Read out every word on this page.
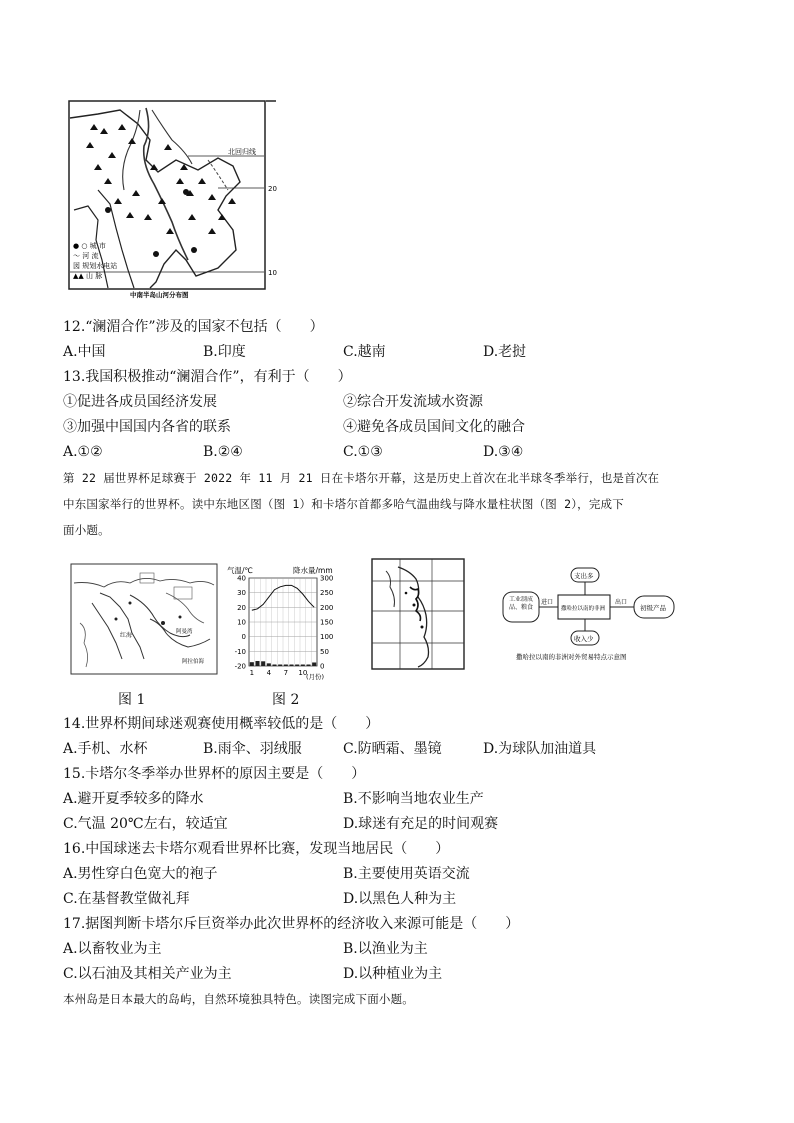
北回归线
20
10
● ○ 城 市
〜 河 流
図 规划水电站
▲▲ 山 脉
中南半岛山河分布图
12.“澜湄合作”涉及的国家不包括（　　）
A.中国	B.印度	C.越南	D.老挝
13.我国积极推动“澜湄合作”，有利于（　　）
①促进各成员国经济发展	②综合开发流域水资源
③加强中国国内各省的联系	④避免各成员国间文化的融合
A.①②	B.②④	C.①③	D.③④
第 22 届世界杯足球赛于 2022 年 11 月 21 日在卡塔尔开幕，这是历史上首次在北半球冬季举行，也是首次在
中东国家举行的世界杯。读中东地区图（图 1）和卡塔尔首都多哈气温曲线与降水量柱状图（图 2），完成下
面小题。
红海	阿曼湾
阿拉伯海
图 1
气温/℃	降水量/mm
(月份)
-20
-10
0
10
20
30
40
0
50
100
150
200
250
300
1 4 7 10
图 2
支出多
撒哈拉以南的非洲
工业制成品、粮食
进口	出口
初级产品
收入少
撒哈拉以南的非洲对外贸易特点示意图
14.世界杯期间球迷观赛使用概率较低的是（　　）
A.手机、水杯	B.雨伞、羽绒服	C.防晒霜、墨镜	D.为球队加油道具
15.卡塔尔冬季举办世界杯的原因主要是（　　）
A.避开夏季较多的降水	B.不影响当地农业生产
C.气温 20℃左右，较适宜	D.球迷有充足的时间观赛
16.中国球迷去卡塔尔观看世界杯比赛，发现当地居民（　　）
A.男性穿白色宽大的袍子	B.主要使用英语交流
C.在基督教堂做礼拜	D.以黑色人种为主
17.据图判断卡塔尔斥巨资举办此次世界杯的经济收入来源可能是（　　）
A.以畜牧业为主	B.以渔业为主
C.以石油及其相关产业为主	D.以种植业为主
本州岛是日本最大的岛屿，自然环境独具特色。读图完成下面小题。
